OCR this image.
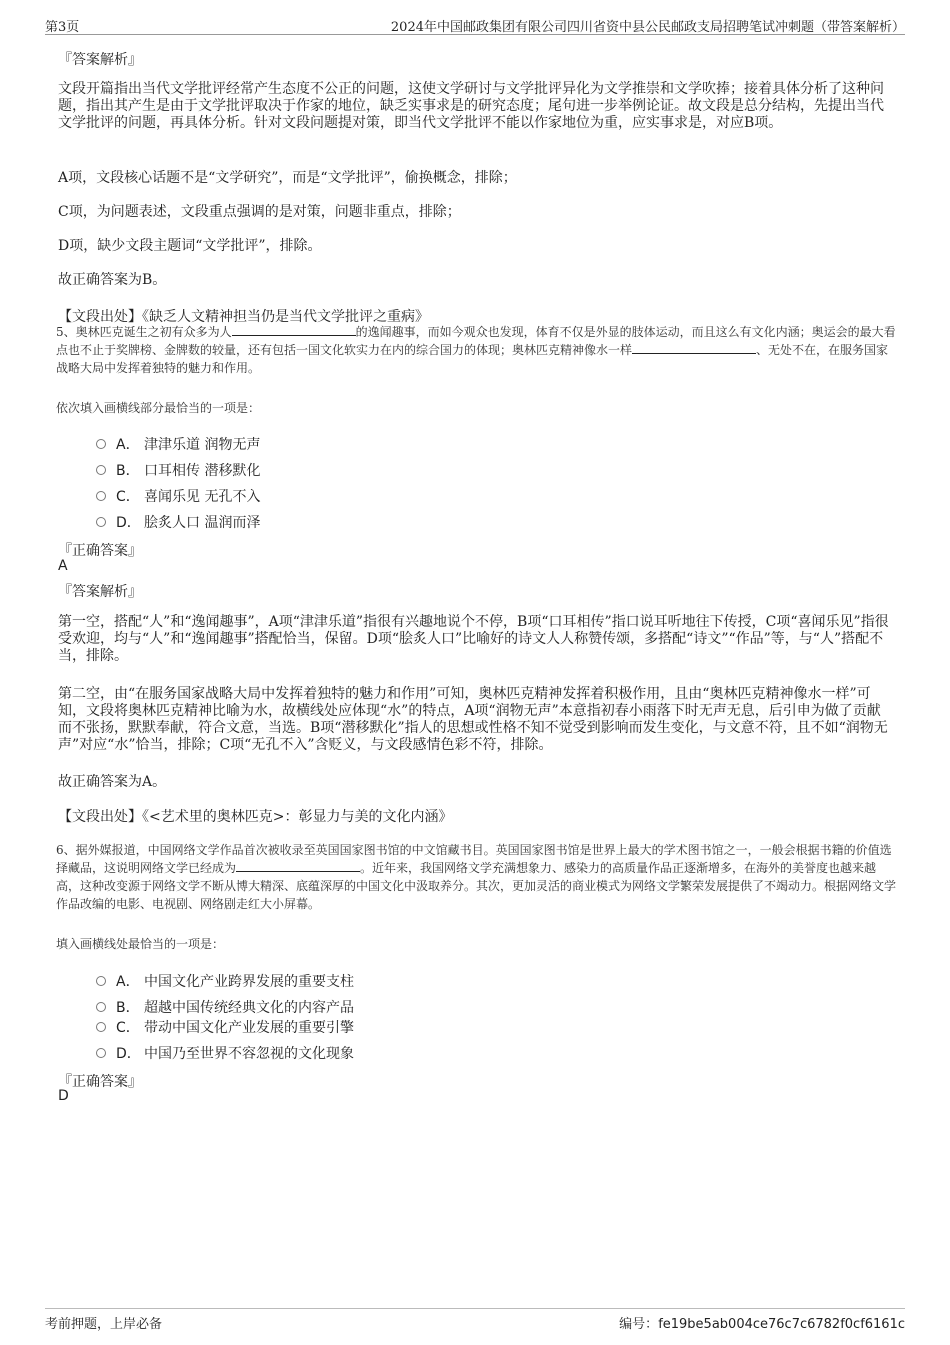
第3页	2024年中国邮政集团有限公司四川省资中县公民邮政支局招聘笔试冲刺题（带答案解析）

『答案解析』

文段开篇指出当代文学批评经常产生态度不公正的问题，这使文学研讨与文学批评异化为文学推崇和文学吹捧；接着具体分析了这种问题，指出其产生是由于文学批评取决于作家的地位，缺乏实事求是的研究态度；尾句进一步举例论证。故文段是总分结构，先提出当代文学批评的问题，再具体分析。针对文段问题提对策，即当代文学批评不能以作家地位为重，应实事求是，对应B项。

A项，文段核心话题不是“文学研究”，而是“文学批评”，偷换概念，排除；

C项，为问题表述，文段重点强调的是对策，问题非重点，排除；

D项，缺少文段主题词“文学批评”，排除。

故正确答案为B。

【文段出处】《缺乏人文精神担当仍是当代文学批评之重病》

5、奥林匹克诞生之初有众多为人	的逸闻趣事，而如今观众也发现，体育不仅是外显的肢体运动，而且这么有文化内涵；奥运会的最大看点也不止于奖牌榜、金牌数的较量，还有包括一国文化软实力在内的综合国力的体现；奥林匹克精神像水一样	、无处不在，在服务国家战略大局中发挥着独特的魅力和作用。

依次填入画横线部分最恰当的一项是：

A． 津津乐道 润物无声
B． 口耳相传 潜移默化
C． 喜闻乐见 无孔不入
D． 脍炙人口 温润而泽

『正确答案』

A

『答案解析』

第一空，搭配“人”和“逸闻趣事”，A项“津津乐道”指很有兴趣地说个不停，B项“口耳相传”指口说耳听地往下传授，C项“喜闻乐见”指很受欢迎，均与“人”和“逸闻趣事”搭配恰当，保留。D项“脍炙人口”比喻好的诗文人人称赞传颂，多搭配“诗文”“作品”等，与“人”搭配不当，排除。

第二空，由“在服务国家战略大局中发挥着独特的魅力和作用”可知，奥林匹克精神发挥着积极作用，且由“奥林匹克精神像水一样”可知，文段将奥林匹克精神比喻为水，故横线处应体现“水”的特点，A项“润物无声”本意指初春小雨落下时无声无息，后引申为做了贡献而不张扬，默默奉献，符合文意，当选。B项“潜移默化”指人的思想或性格不知不觉受到影响而发生变化，与文意不符，且不如“润物无声”对应“水”恰当，排除；C项“无孔不入”含贬义，与文段感情色彩不符，排除。

故正确答案为A。

【文段出处】《<艺术里的奥林匹克>：彰显力与美的文化内涵》

6、据外媒报道，中国网络文学作品首次被收录至英国国家图书馆的中文馆藏书目。英国国家图书馆是世界上最大的学术图书馆之一，一般会根据书籍的价值选择藏品，这说明网络文学已经成为	。近年来，我国网络文学充满想象力、感染力的高质量作品正逐渐增多，在海外的美誉度也越来越高，这种改变源于网络文学不断从博大精深、底蕴深厚的中国文化中汲取养分。其次，更加灵活的商业模式为网络文学繁荣发展提供了不竭动力。根据网络文学作品改编的电影、电视剧、网络剧走红大小屏幕。

填入画横线处最恰当的一项是：

A． 中国文化产业跨界发展的重要支柱
B． 超越中国传统经典文化的内容产品
C． 带动中国文化产业发展的重要引擎
D． 中国乃至世界不容忽视的文化现象

『正确答案』

D

考前押题，上岸必备	编号：fe19be5ab004ce76c7c6782f0cf6161c
